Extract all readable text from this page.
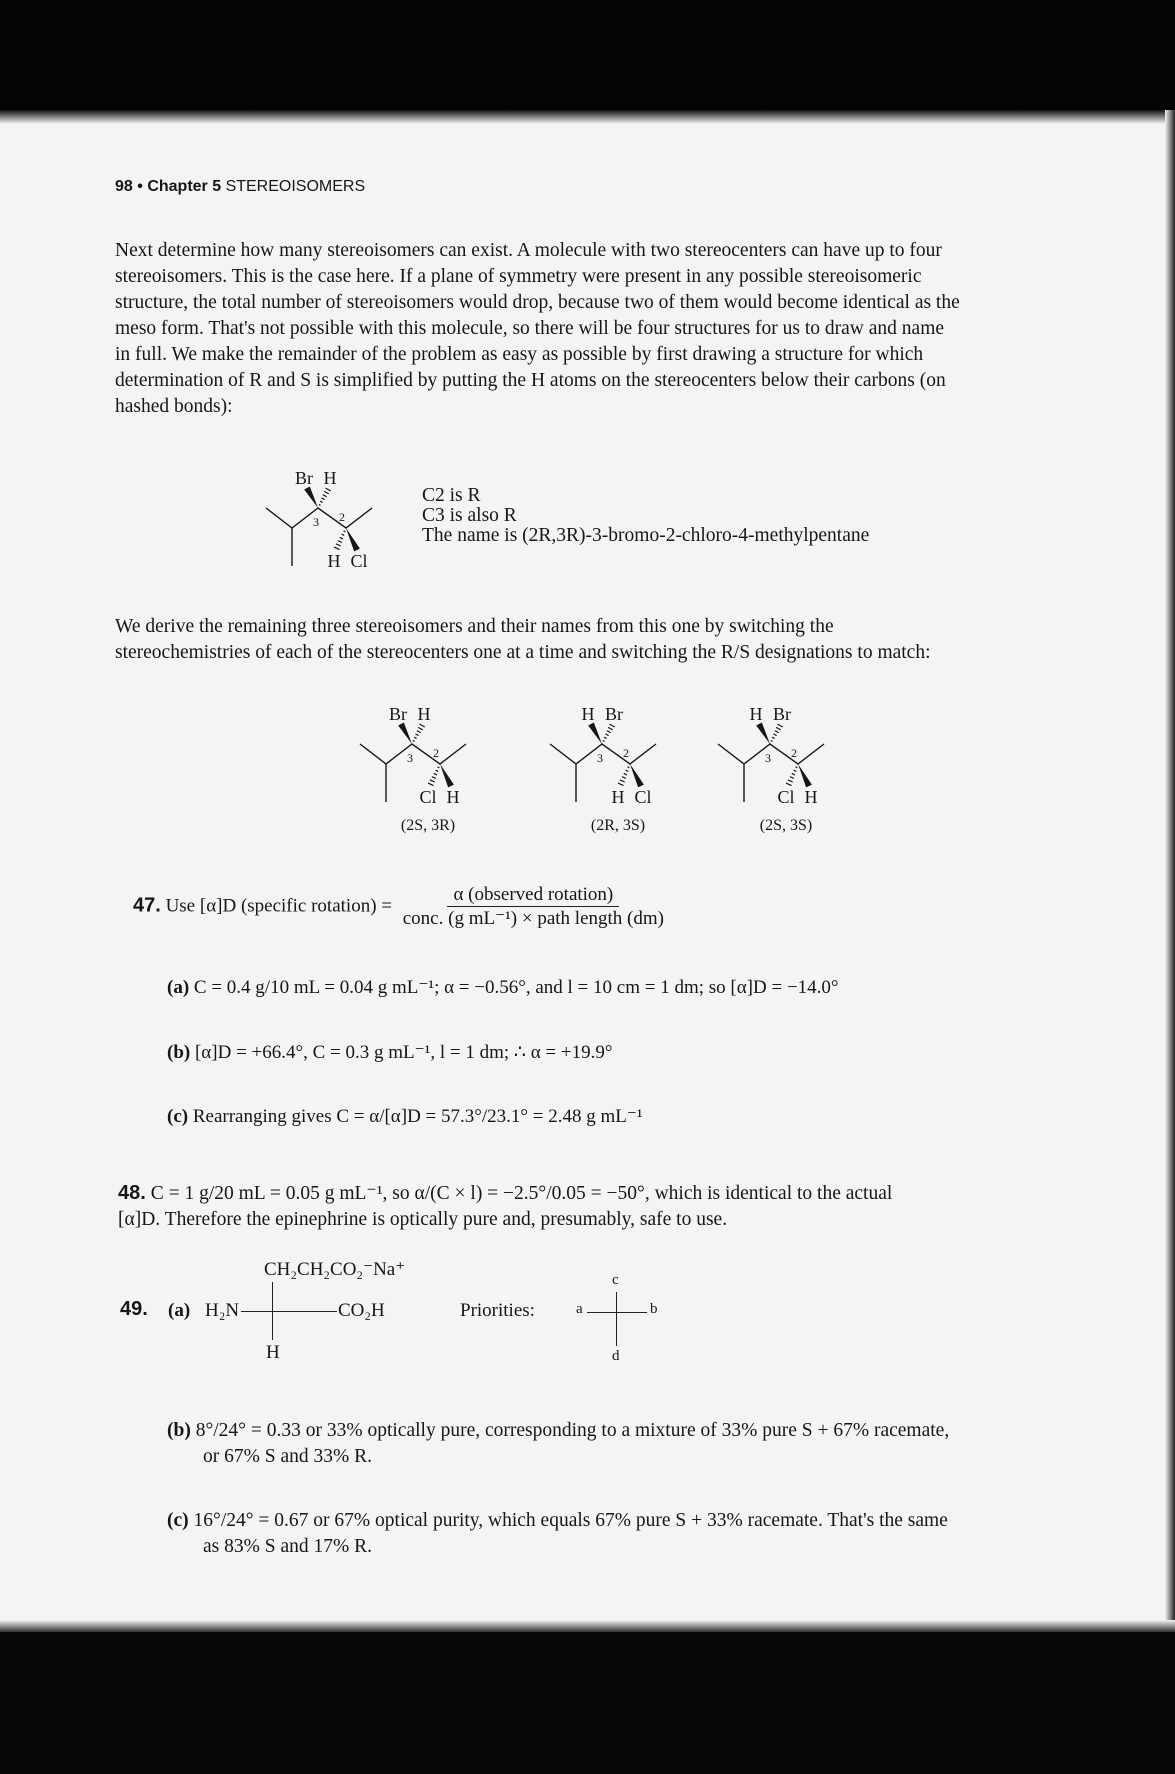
98 • Chapter 5 STEREOISOMERS
Next determine how many stereoisomers can exist. A molecule with two stereocenters can have up to four
stereoisomers. This is the case here. If a plane of symmetry were present in any possible stereoisomeric
structure, the total number of stereoisomers would drop, because two of them would become identical as the
meso form. That's not possible with this molecule, so there will be four structures for us to draw and name
in full. We make the remainder of the problem as easy as possible by first drawing a structure for which
determination of R and S is simplified by putting the H atoms on the stereocenters below their carbons (on
hashed bonds):
Br H
H Cl
3 2
C2 is R
C3 is also R
The name is (2R,3R)-3-bromo-2-chloro-4-methylpentane
We derive the remaining three stereoisomers and their names from this one by switching the
stereochemistries of each of the stereocenters one at a time and switching the R/S designations to match:
Br H
Cl H
3 2
(2S, 3R)
H Br
H Cl
3 2
(2R, 3S)
H Br
Cl H
3 2
(2S, 3S)
47. Use [α]D (specific rotation) = $\frac{\text{α (observed rotation)}}{\text{conc. (g mL⁻¹) × path length (dm)}}$
(a) C = 0.4 g/10 mL = 0.04 g mL⁻¹; α = −0.56°, and l = 10 cm = 1 dm; so [α]D = −14.0°
(b) [α]D = +66.4°, C = 0.3 g mL⁻¹, l = 1 dm; ∴ α = +19.9°
(c) Rearranging gives C = α/[α]D = 57.3°/23.1° = 2.48 g mL⁻¹
48. C = 1 g/20 mL = 0.05 g mL⁻¹, so α/(C × l) = −2.5°/0.05 = −50°, which is identical to the actual
[α]D. Therefore the epinephrine is optically pure and, presumably, safe to use.
49. (a)
CH₂CH₂CO₂⁻Na⁺
H₂N	CO₂H
H
Priorities:
c
a	b
d
(b) 8°/24° = 0.33 or 33% optically pure, corresponding to a mixture of 33% pure S + 67% racemate,
or 67% S and 33% R.
(c) 16°/24° = 0.67 or 67% optical purity, which equals 67% pure S + 33% racemate. That's the same
as 83% S and 17% R.
